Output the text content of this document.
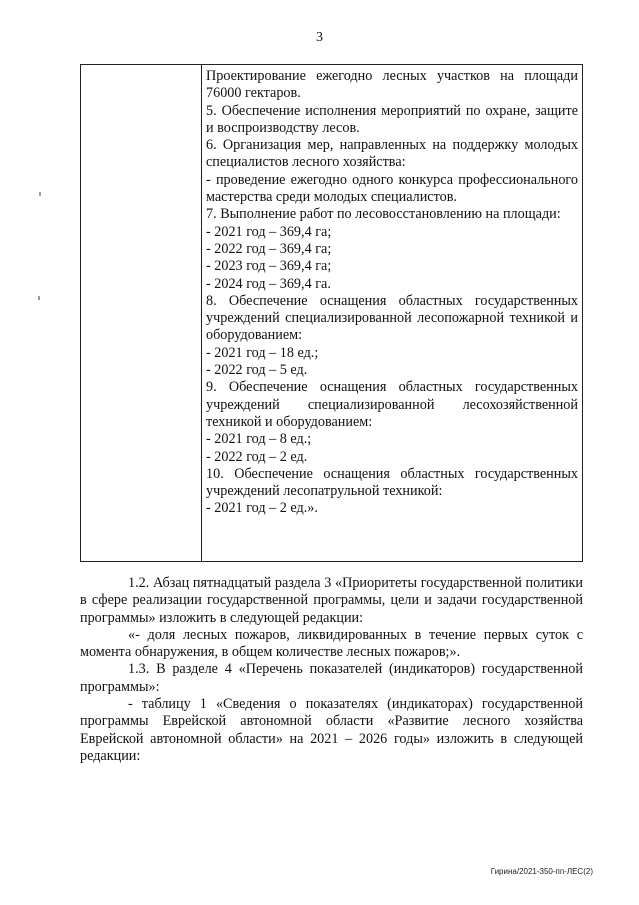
3

Проектирование ежегодно лесных участков на площади 76000 гектаров.

5. Обеспечение исполнения мероприятий по охране, защите и воспроизводству лесов.

6. Организация мер, направленных на поддержку молодых специалистов лесного хозяйства:

- проведение ежегодно одного конкурса профессионального мастерства среди молодых специалистов.

7. Выполнение работ по лесовосстановлению на площади:

- 2021 год – 369,4 га;

- 2022 год – 369,4 га;

- 2023 год – 369,4 га;

- 2024 год – 369,4 га.

8. Обеспечение оснащения областных государственных учреждений специализированной лесопожарной техникой и оборудованием:

- 2021 год – 18 ед.;

- 2022 год – 5 ед.

9. Обеспечение оснащения областных государственных учреждений специализированной лесохозяйственной техникой и оборудованием:

- 2021 год – 8 ед.;

- 2022 год – 2 ед.

10. Обеспечение оснащения областных государственных учреждений лесопатрульной техникой:

- 2021 год – 2 ед.».

1.2. Абзац пятнадцатый раздела 3 «Приоритеты государственной политики в сфере реализации государственной программы, цели и задачи государственной программы» изложить в следующей редакции:

«- доля лесных пожаров, ликвидированных в течение первых суток с момента обнаружения, в общем количестве лесных пожаров;».

1.3. В разделе 4 «Перечень показателей (индикаторов) государственной программы»:

- таблицу 1 «Сведения о показателях (индикаторах) государственной программы Еврейской автономной области «Развитие лесного хозяйства Еврейской автономной области» на 2021 – 2026 годы» изложить в следующей редакции:

Гирина/2021-350-пп-ЛЕС(2)
